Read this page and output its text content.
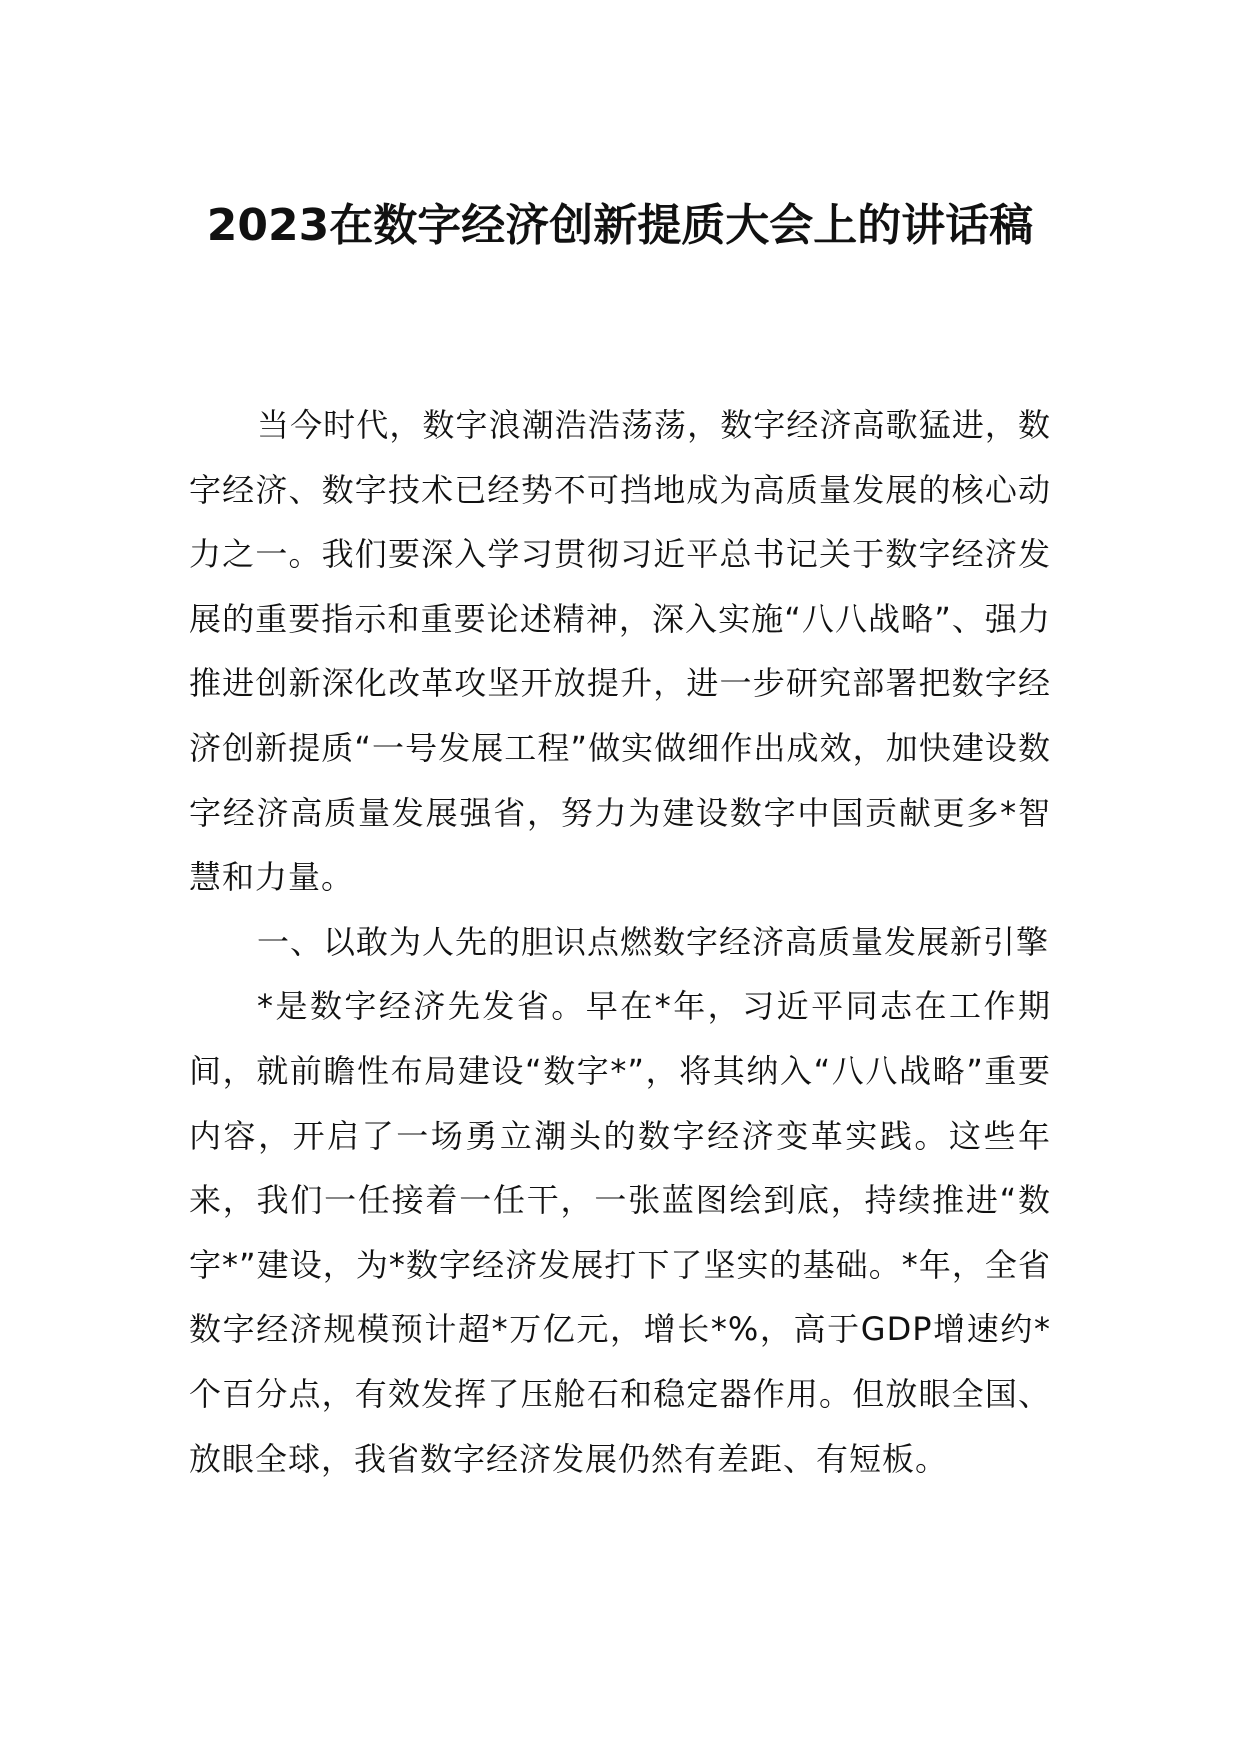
2023在数字经济创新提质大会上的讲话稿

当今时代，数字浪潮浩浩荡荡，数字经济高歌猛进，数字经济、数字技术已经势不可挡地成为高质量发展的核心动力之一。我们要深入学习贯彻习近平总书记关于数字经济发展的重要指示和重要论述精神，深入实施“八八战略”、强力推进创新深化改革攻坚开放提升，进一步研究部署把数字经济创新提质“一号发展工程”做实做细作出成效，加快建设数字经济高质量发展强省，努力为建设数字中国贡献更多*智慧和力量。

一、以敢为人先的胆识点燃数字经济高质量发展新引擎

*是数字经济先发省。早在*年，习近平同志在工作期间，就前瞻性布局建设“数字*”，将其纳入“八八战略”重要内容，开启了一场勇立潮头的数字经济变革实践。这些年来，我们一任接着一任干，一张蓝图绘到底，持续推进“数字*”建设，为*数字经济发展打下了坚实的基础。*年，全省数字经济规模预计超*万亿元，增长*%，高于GDP增速约*个百分点，有效发挥了压舱石和稳定器作用。但放眼全国、放眼全球，我省数字经济发展仍然有差距、有短板。
